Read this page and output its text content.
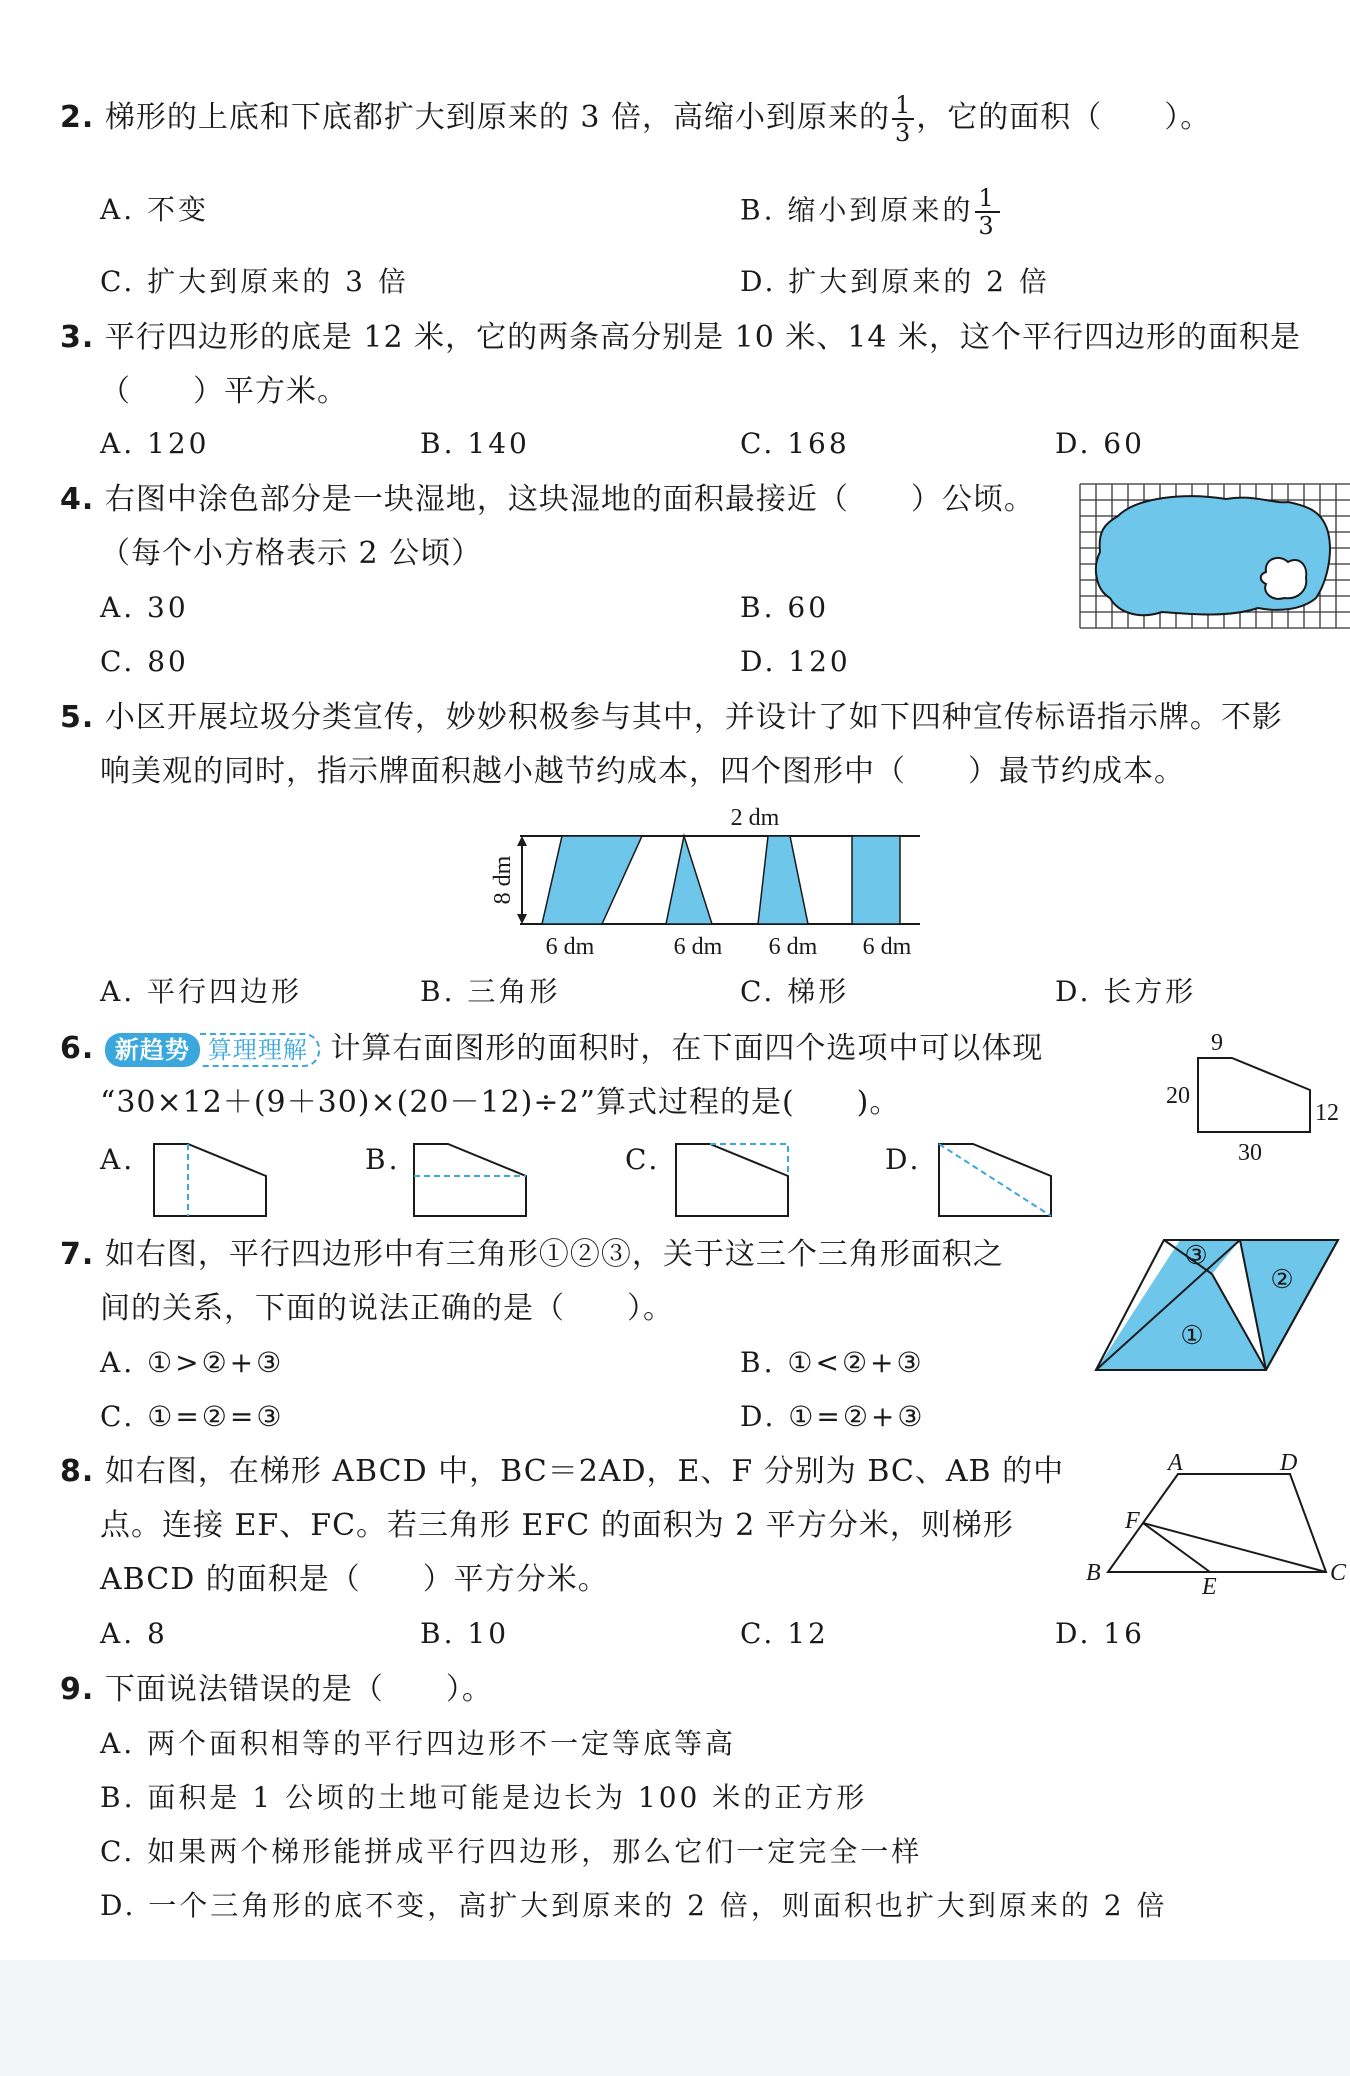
2. 梯形的上底和下底都扩大到原来的 3 倍，高缩小到原来的 $\frac{1}{3}$ ，它的面积（　　）。
A. 不变	B. 缩小到原来的 $\frac{1}{3}$
C. 扩大到原来的 3 倍	D. 扩大到原来的 2 倍
3. 平行四边形的底是 12 米，它的两条高分别是 10 米、14 米，这个平行四边形的面积是
（　　）平方米。
A. 120	B. 140	C. 168	D. 60
4. 右图中涂色部分是一块湿地，这块湿地的面积最接近（　　）公顷。
（每个小方格表示 2 公顷）
A. 30	B. 60
C. 80	D. 120
5. 小区开展垃圾分类宣传，妙妙积极参与其中，并设计了如下四种宣传标语指示牌。不影
响美观的同时，指示牌面积越小越节约成本，四个图形中（　　）最节约成本。
2 dm
8 dm
6 dm	6 dm 6 dm 6 dm
A. 平行四边形	B. 三角形	C. 梯形	D. 长方形
6. 新趋势 算理理解 计算右面图形的面积时，在下面四个选项中可以体现
“30×12＋(9＋30)×(20－12)÷2”算式过程的是(　　)。
9
20
12
30
A.	B.	C.	D.
7. 如右图，平行四边形中有三角形①②③，关于这三个三角形面积之
间的关系，下面的说法正确的是（　　）。
A. ①>②+③	B. ①<②+③
C. ①=②=③	D. ①=②+③
①
②
③
8. 如右图，在梯形 ABCD 中，BC＝2AD，E、F 分别为 BC、AB 的中
点。连接 EF、FC。若三角形 EFC 的面积为 2 平方分米，则梯形
ABCD 的面积是（　　）平方分米。
A. 8	B. 10	C. 12	D. 16
A	D
F
B
E
C
9. 下面说法错误的是（　　）。
A. 两个面积相等的平行四边形不一定等底等高
B. 面积是 1 公顷的土地可能是边长为 100 米的正方形
C. 如果两个梯形能拼成平行四边形，那么它们一定完全一样
D. 一个三角形的底不变，高扩大到原来的 2 倍，则面积也扩大到原来的 2 倍
